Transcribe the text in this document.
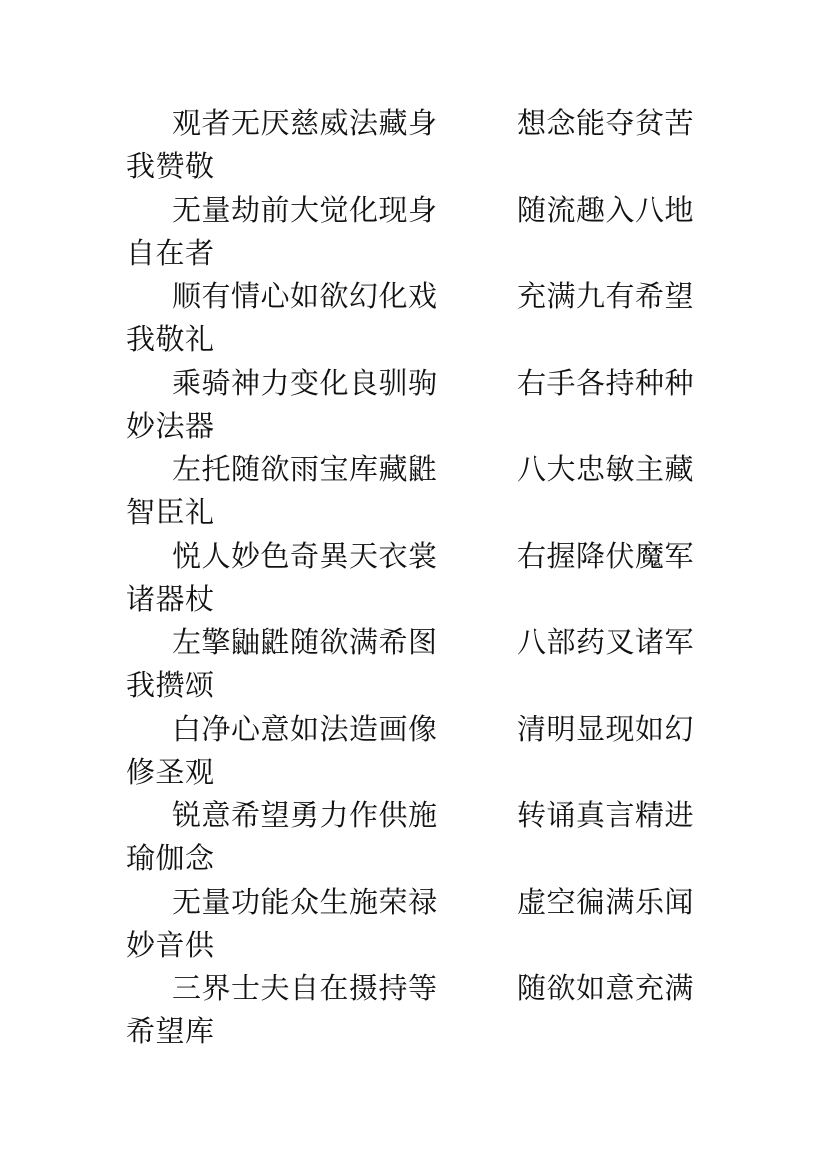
观者无厌慈威法藏身	想念能夺贫苦
我赞敬
无量劫前大觉化现身	随流趣入八地
自在者
顺有情心如欲幻化戏	充满九有希望
我敬礼
乘骑神力变化良驯驹	右手各持种种
妙法器
左托随欲雨宝库藏鼪	八大忠敏主藏
智臣礼
悦人妙色奇異天衣裳	右握降伏魔军
诸器杖
左擎鼬鼪随欲满希图	八部药叉诸军
我攒颂
白净心意如法造画像	清明显现如幻
修圣观
锐意希望勇力作供施	转诵真言精进
瑜伽念
无量功能众生施荣禄	虚空徧满乐闻
妙音供
三界士夫自在摄持等	随欲如意充满
希望库
